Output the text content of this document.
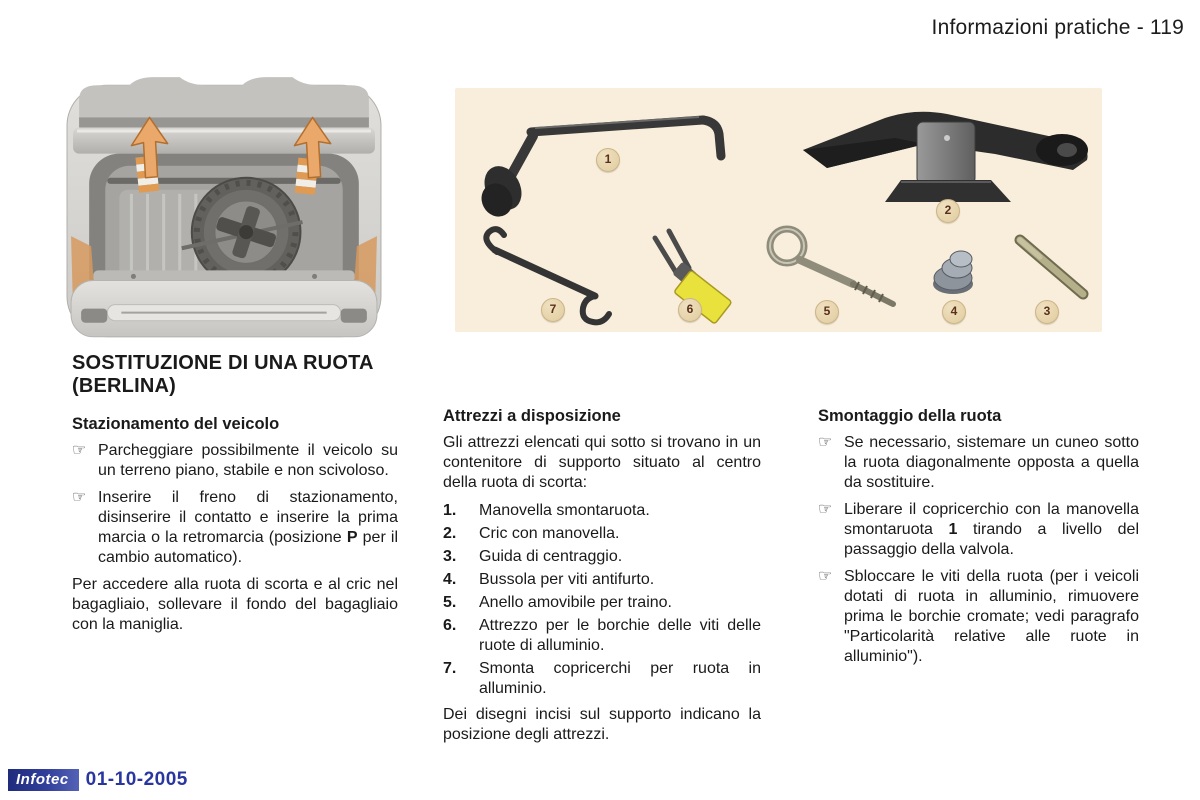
Informazioni pratiche - 119
1
2
3
4
5
6
7
SOSTITUZIONE DI UNA RUOTA (BERLINA)
Stazionamento del veicolo
☞ Parcheggiare possibilmente il veicolo su un terreno piano, stabile e non scivoloso.

☞ Inserire il freno di stazionamento, disinserire il contatto e inserire la prima marcia o la retromarcia (posizione P per il cambio automatico).

Per accedere alla ruota di scorta e al cric nel bagagliaio, sollevare il fondo del bagagliaio con la maniglia.

Attrezzi a disposizione

Gli attrezzi elencati qui sotto si trovano in un contenitore di supporto situato al centro della ruota di scorta:

1.	Manovella smontaruota.
2.	Cric con manovella.
3.	Guida di centraggio.
4.	Bussola per viti antifurto.
5.	Anello amovibile per traino.
6.	Attrezzo per le borchie delle viti delle ruote di alluminio.
7.	Smonta copricerchi per ruota in alluminio.

Dei disegni incisi sul supporto indicano la posizione degli attrezzi.

Smontaggio della ruota
☞ Se necessario, sistemare un cuneo sotto la ruota diagonalmente opposta a quella da sostituire.

☞ Liberare il copricerchio con la manovella smontaruota 1 tirando a livello del passaggio della valvola.

☞ Sbloccare le viti della ruota (per i veicoli dotati di ruota in alluminio, rimuovere prima le borchie cromate; vedi paragrafo "Particolarità relative alle ruote in alluminio").

Infotec 01-10-2005
